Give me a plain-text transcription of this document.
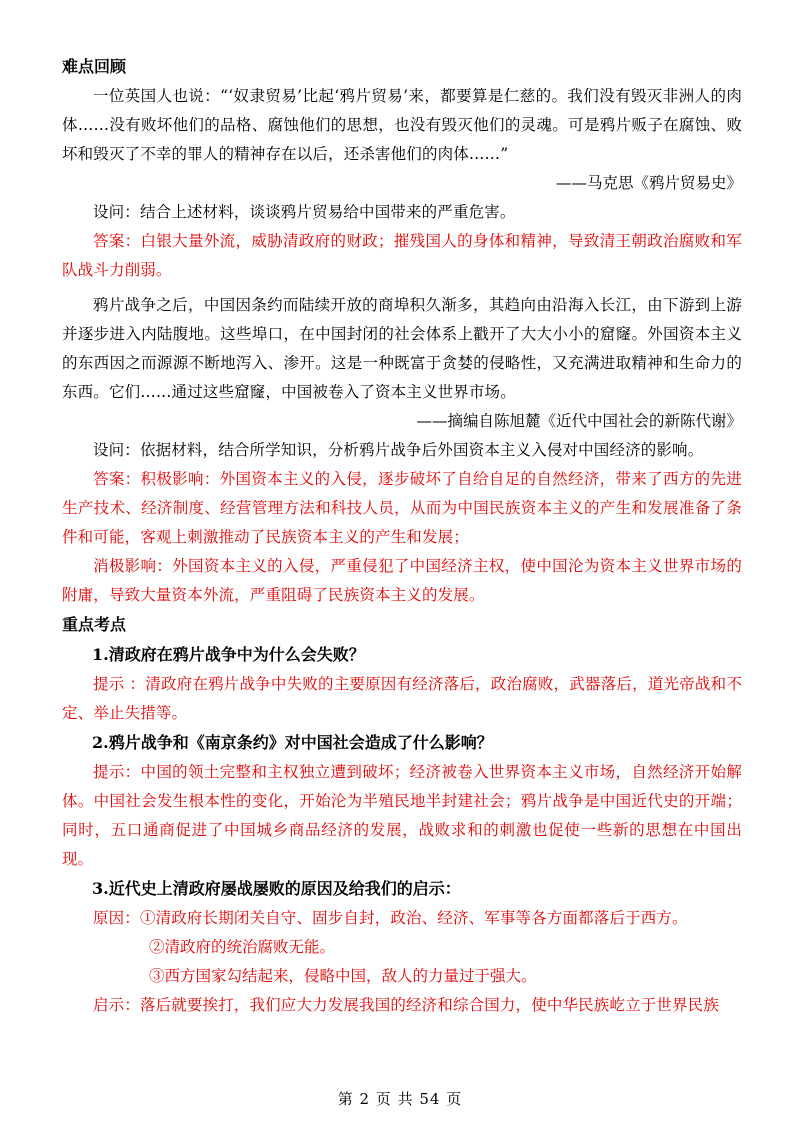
难点回顾

一位英国人也说：“‘奴隶贸易’比起‘鸦片贸易’来，都要算是仁慈的。我们没有毁灭非洲人的肉体……没有败坏他们的品格、腐蚀他们的思想，也没有毁灭他们的灵魂。可是鸦片贩子在腐蚀、败坏和毁灭了不幸的罪人的精神存在以后，还杀害他们的肉体……”

——马克思《鸦片贸易史》

设问：结合上述材料，谈谈鸦片贸易给中国带来的严重危害。

答案：白银大量外流，威胁清政府的财政；摧残国人的身体和精神，导致清王朝政治腐败和军队战斗力削弱。

鸦片战争之后，中国因条约而陆续开放的商埠积久渐多，其趋向由沿海入长江，由下游到上游并逐步进入内陆腹地。这些埠口，在中国封闭的社会体系上戳开了大大小小的窟窿。外国资本主义的东西因之而源源不断地泻入、渗开。这是一种既富于贪婪的侵略性，又充满进取精神和生命力的东西。它们……通过这些窟窿，中国被卷入了资本主义世界市场。

——摘编自陈旭麓《近代中国社会的新陈代谢》

设问：依据材料，结合所学知识，分析鸦片战争后外国资本主义入侵对中国经济的影响。

答案：积极影响：外国资本主义的入侵，逐步破坏了自给自足的自然经济，带来了西方的先进生产技术、经济制度、经营管理方法和科技人员，从而为中国民族资本主义的产生和发展准备了条件和可能，客观上刺激推动了民族资本主义的产生和发展；

消极影响：外国资本主义的入侵，严重侵犯了中国经济主权，使中国沦为资本主义世界市场的附庸，导致大量资本外流，严重阻碍了民族资本主义的发展。

重点考点

1.清政府在鸦片战争中为什么会失败？

提示 ：清政府在鸦片战争中失败的主要原因有经济落后，政治腐败，武器落后，道光帝战和不定、举止失措等。

2.鸦片战争和《南京条约》对中国社会造成了什么影响？

提示：中国的领土完整和主权独立遭到破坏；经济被卷入世界资本主义市场，自然经济开始解体。中国社会发生根本性的变化，开始沦为半殖民地半封建社会；鸦片战争是中国近代史的开端；同时，五口通商促进了中国城乡商品经济的发展，战败求和的刺激也促使一些新的思想在中国出现。

3.近代史上清政府屡战屡败的原因及给我们的启示：

原因：①清政府长期闭关自守、固步自封，政治、经济、军事等各方面都落后于西方。

②清政府的统治腐败无能。

③西方国家勾结起来，侵略中国，敌人的力量过于强大。

启示：落后就要挨打，我们应大力发展我国的经济和综合国力，使中华民族屹立于世界民族

第 2 页 共 54 页
